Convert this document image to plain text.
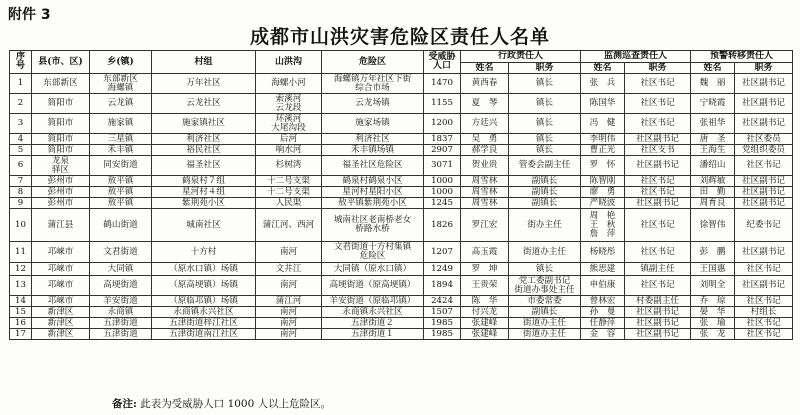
附件 3
成都市山洪灾害危险区责任人名单
序
号	县(市、区)	乡(镇)	村组	山洪沟	危险区	受威胁
人口	行政责任人		监测巡查责任人		预警转移责任人	
							姓名	职务	姓名	职务	姓名	职务
1	东部新区	东部新区
海螺镇	万年社区	海螺小河	海螺镇万年社区下街
综合市场	1470	黄西春	镇长	张　兵	社区书记	魏　丽	社区副书记
2	简阳市	云龙镇	云龙社区	索溪河
云龙段	云龙场镇	1155	夏　琴	镇长	陈国华	社区书记	宁晓霞	社区副书记
3	简阳市	施家镇	施家镇社区	环溪河
大尾沟段	施家场镇	1200	方廷兴	镇长	冯　健	社区书记	张祖华	社区副书记
4	简阳市	三星镇	利济社区	后河	利济社区	1837	吴　勇	镇长	李明伟	社区副书记	唐　圣	社区委员
5	简阳市	禾丰镇	裕民社区	响水河	禾丰镇场镇	2907	郝学良	镇长	曹正光	社区支书	王海生	党组织委员
6	龙泉
驿区	同安街道	福圣社区	杉树湾	福圣社区危险区	3071	贺业贵	管委会副主任	罗　怀	社区副书记	潘绍山	社区书记
7	彭州市	敖平镇	鹤泉村７组	十二号支渠	鹤泉村鹤泉小区	1000	周雪林	副镇长	陈智刚	社区书记	刘辉敏	社区副书记
8	彭州市	敖平镇	星河村４组	十二号支渠	星河村星阳小区	1000	周雪林	副镇长	廖　勇	社区书记	田　勤	社区副书记
9	彭州市	敖平镇	紫荆苑小区	人民渠	敖平镇紫荆苑小区	1245	周雪林	副镇长	严晓波	社区副书记	周育良	社区副书记
10	蒲江县	鹤山街道	城南社区	蒲江河、西河	城南社区老南桥老女
桥路水桥	1826	罗江宏	街办主任	周　艳
王　秋
詹　萍	社区书记	徐智伟	纪委书记
11	邛崃市	文君街道	十方村	南河	文君街道十方村集镇
危险区	1207	高玉霞	街道办主任	杨晓彤	社区书记	彭　鹏	社区副书记
12	邛崃市	大同镇	（原水口镇）场镇	文井江	大同镇（原水口镇）	1249	罗　坤	镇长	熊思建	镇副主任	王国惠	社区书记
13	邛崃市	高埂街道	（原高埂镇）场镇	南河	高埂街道（原高埂镇）	1894	王贵荣	党工委副书记
街道办事处主任	申伯康	社区书记	刘明全	社区副书记
14	邛崃市	羊安街道	（原临邛镇）场镇	蒲江河	羊安街道（原临邛镇）	2424	陈　华	市委常委	曾林宏	村委副主任	乔　琼	社区书记
15	新津区	永商镇	永商镇永兴社区	南河	永商镇永兴社区	1507	付兴龙	副镇长	孙　曼	社区副书记	晏　华	村组长
16	新津区	五津街道	五津街道梓江社区	南河	五津街道２	1985	张建峰	街道办主任	任静萍	社区副书记	张　瑜	社区书记
17	新津区	五津街道	五津街道南江社区	南河	五津街道１	1985	张建峰	街道办主任	金　容	社区副书记	张　龙	社区书记
备注: 此表为受威胁人口 1000 人以上危险区。
